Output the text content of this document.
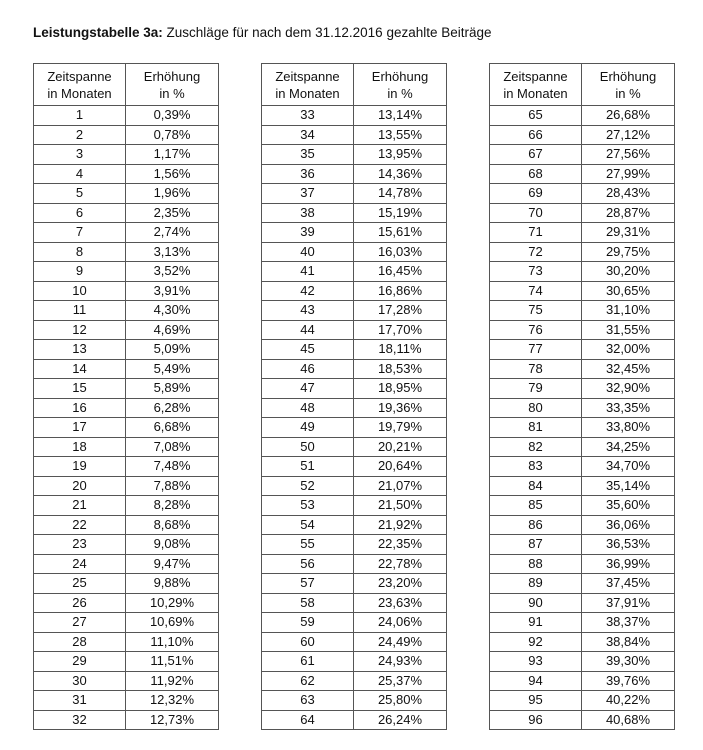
Leistungstabelle 3a: Zuschläge für nach dem 31.12.2016 gezahlte Beiträge
Zeitspanne
in Monaten	Erhöhung
in %

1	0,39%
2	0,78%
3	1,17%
4	1,56%
5	1,96%
6	2,35%
7	2,74%
8	3,13%
9	3,52%
10	3,91%
11	4,30%
12	4,69%
13	5,09%
14	5,49%
15	5,89%
16	6,28%
17	6,68%
18	7,08%
19	7,48%
20	7,88%
21	8,28%
22	8,68%
23	9,08%
24	9,47%
25	9,88%
26	10,29%
27	10,69%
28	11,10%
29	11,51%
30	11,92%
31	12,32%
32	12,73%
Zeitspanne
in Monaten	Erhöhung
in %

33	13,14%
34	13,55%
35	13,95%
36	14,36%
37	14,78%
38	15,19%
39	15,61%
40	16,03%
41	16,45%
42	16,86%
43	17,28%
44	17,70%
45	18,11%
46	18,53%
47	18,95%
48	19,36%
49	19,79%
50	20,21%
51	20,64%
52	21,07%
53	21,50%
54	21,92%
55	22,35%
56	22,78%
57	23,20%
58	23,63%
59	24,06%
60	24,49%
61	24,93%
62	25,37%
63	25,80%
64	26,24%
Zeitspanne
in Monaten	Erhöhung
in %

65	26,68%
66	27,12%
67	27,56%
68	27,99%
69	28,43%
70	28,87%
71	29,31%
72	29,75%
73	30,20%
74	30,65%
75	31,10%
76	31,55%
77	32,00%
78	32,45%
79	32,90%
80	33,35%
81	33,80%
82	34,25%
83	34,70%
84	35,14%
85	35,60%
86	36,06%
87	36,53%
88	36,99%
89	37,45%
90	37,91%
91	38,37%
92	38,84%
93	39,30%
94	39,76%
95	40,22%
96	40,68%
